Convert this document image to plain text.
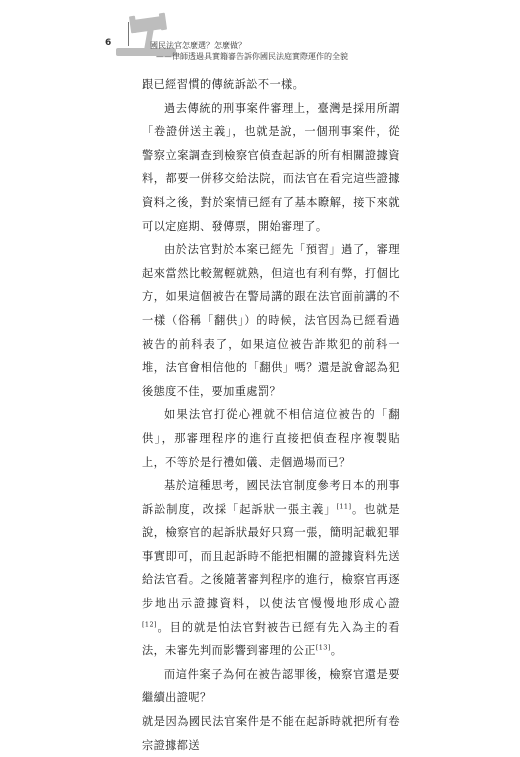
6	國民法官怎麼選？怎麼做？
——律師透過具實籍審告訴你國民法庭實際運作的全貌

跟已經習慣的傳統訴訟不一樣。

過去傳統的刑事案件審理上，臺灣是採用所謂「卷證併送主義」，也就是說，一個刑事案件，從警察立案調查到檢察官偵查起訴的所有相關證據資料，都要一併移交給法院，而法官在看完這些證據資料之後，對於案情已經有了基本瞭解，接下來就可以定庭期、發傳票，開始審理了。

由於法官對於本案已經先「預習」過了，審理起來當然比較駕輕就熟，但這也有利有弊，打個比方，如果這個被告在警局講的跟在法官面前講的不一樣（俗稱「翻供」）的時候，法官因為已經看過被告的前科表了，如果這位被告詐欺犯的前科一堆，法官會相信他的「翻供」嗎？還是說會認為犯後態度不佳，要加重處罰？

如果法官打從心裡就不相信這位被告的「翻供」，那審理程序的進行直接把偵查程序複製貼上，不等於是行禮如儀、走個過場而已？

基於這種思考，國民法官制度參考日本的刑事訴訟制度，改採「起訴狀一張主義」[11]。也就是說，檢察官的起訴狀最好只寫一張，簡明記載犯罪事實即可，而且起訴時不能把相關的證據資料先送給法官看。之後隨著審判程序的進行，檢察官再逐步地出示證據資料，以使法官慢慢地形成心證[12]。目的就是怕法官對被告已經有先入為主的看法，未審先判而影響到審理的公正[13]。

而這件案子為何在被告認罪後，檢察官還是要繼續出證呢？

就是因為國民法官案件是不能在起訴時就把所有卷宗證據都送
